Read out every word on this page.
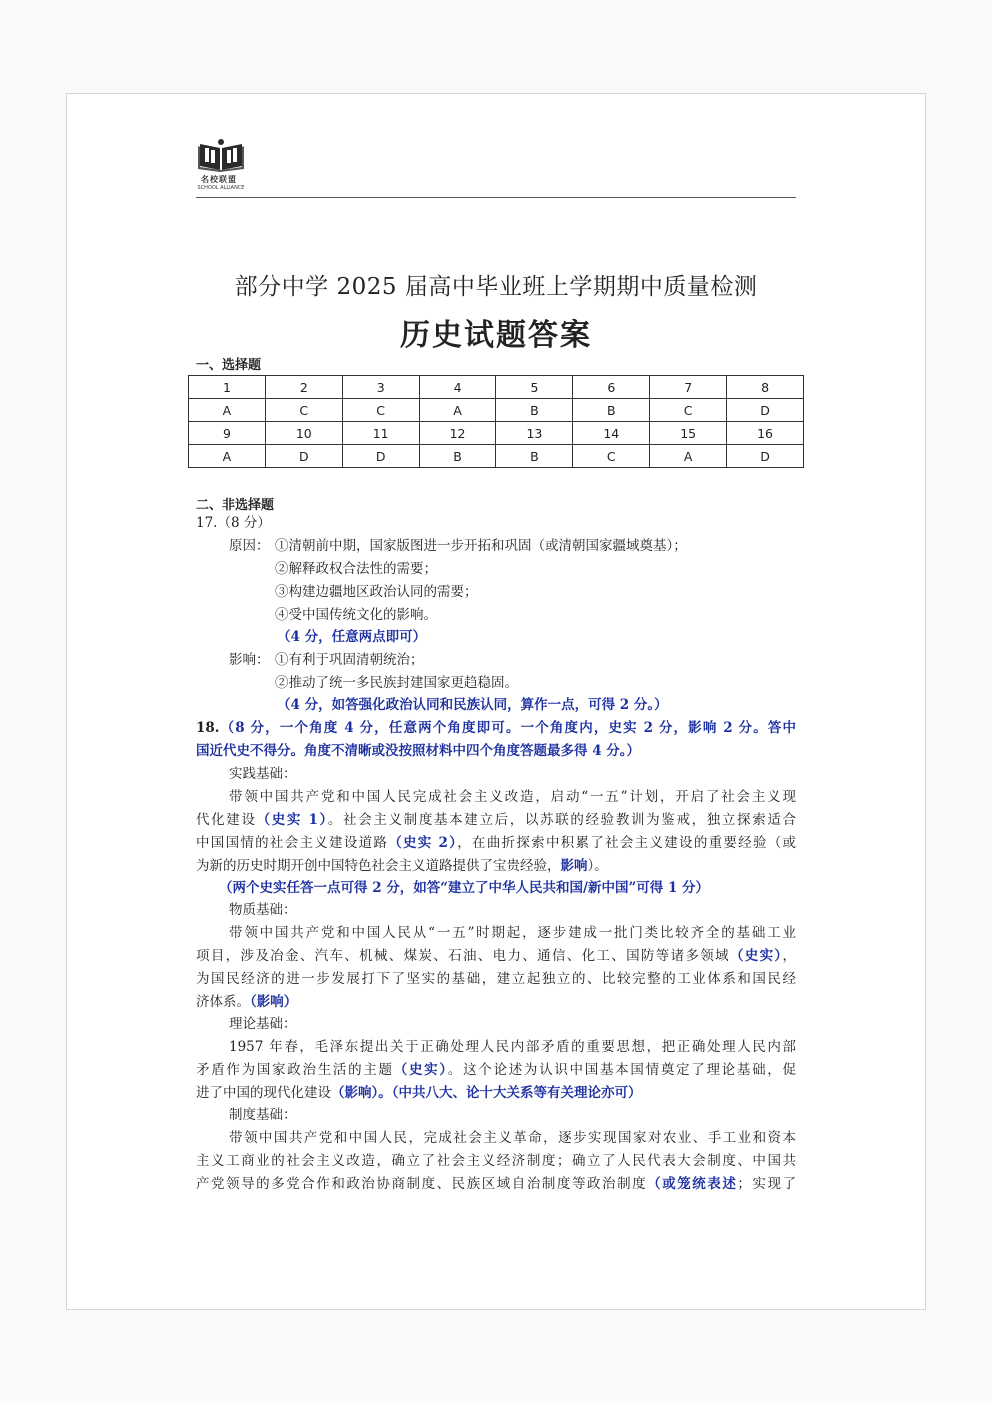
名校联盟
SCHOOL ALLIANCE
部分中学 2025 届高中毕业班上学期期中质量检测
历史试题答案
一、选择题
1	2	3	4	5	6	7	8
A	C	C	A	B	B	C	D
9	10	11	12	13	14	15	16
A	D	D	B	B	C	A	D
二、非选择题
17.（8 分）
原因： ①清朝前中期，国家版图进一步开拓和巩固（或清朝国家疆域奠基）；
②解释政权合法性的需要；
③构建边疆地区政治认同的需要；
④受中国传统文化的影响。
（4 分，任意两点即可）
影响： ①有利于巩固清朝统治；
②推动了统一多民族封建国家更趋稳固。
（4 分，如答强化政治认同和民族认同，算作一点，可得 2 分。）
18.（8 分，一个角度 4 分，任意两个角度即可。一个角度内，史实 2 分，影响 2 分。答中
国近代史不得分。角度不清晰或没按照材料中四个角度答题最多得 4 分。）
实践基础：
带领中国共产党和中国人民完成社会主义改造，启动“一五”计划，开启了社会主义现
代化建设（史实 1）。社会主义制度基本建立后，以苏联的经验教训为鉴戒，独立探索适合
中国国情的社会主义建设道路（史实 2），在曲折探索中积累了社会主义建设的重要经验（或
为新的历史时期开创中国特色社会主义道路提供了宝贵经验，影响）。
（两个史实任答一点可得 2 分，如答“建立了中华人民共和国/新中国”可得 1 分）
物质基础：
带领中国共产党和中国人民从“一五”时期起，逐步建成一批门类比较齐全的基础工业
项目，涉及冶金、汽车、机械、煤炭、石油、电力、通信、化工、国防等诸多领域（史实），
为国民经济的进一步发展打下了坚实的基础，建立起独立的、比较完整的工业体系和国民经
济体系。（影响）
理论基础：
1957 年春，毛泽东提出关于正确处理人民内部矛盾的重要思想，把正确处理人民内部
矛盾作为国家政治生活的主题（史实）。这个论述为认识中国基本国情奠定了理论基础，促
进了中国的现代化建设（影响）。（中共八大、论十大关系等有关理论亦可）
制度基础：
带领中国共产党和中国人民，完成社会主义革命，逐步实现国家对农业、手工业和资本
主义工商业的社会主义改造，确立了社会主义经济制度；确立了人民代表大会制度、中国共
产党领导的多党合作和政治协商制度、民族区域自治制度等政治制度（或笼统表述；实现了
